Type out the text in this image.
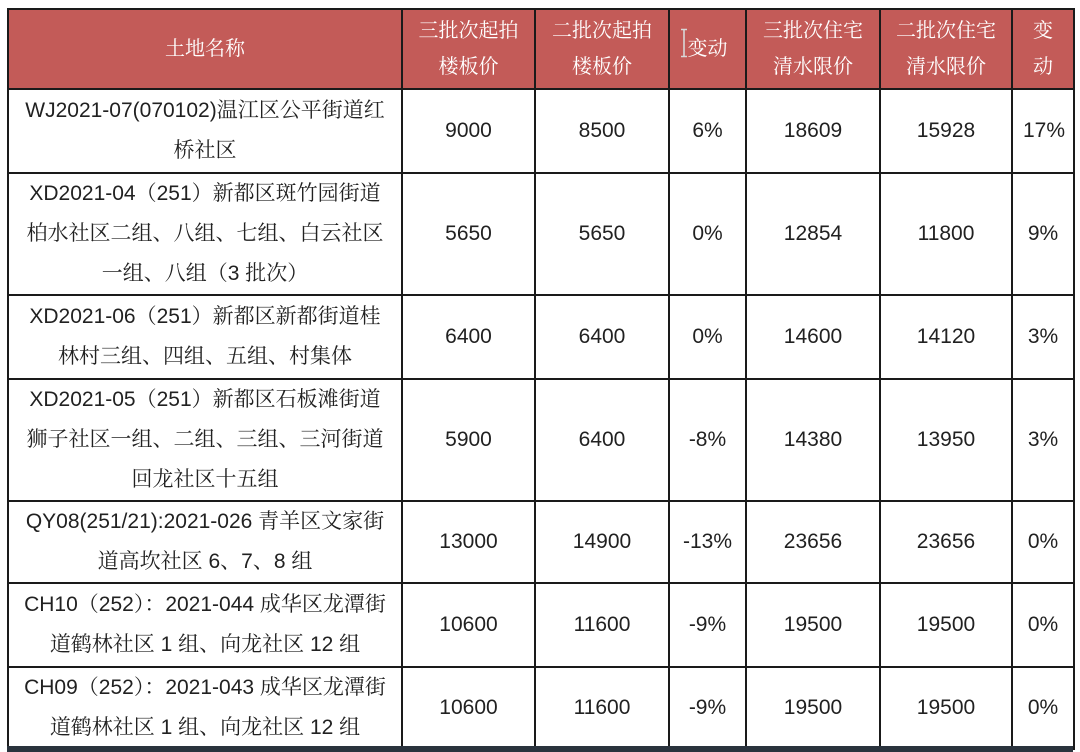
土地名称	三批次起拍楼板价	二批次起拍楼板价	变动	三批次住宅清水限价	二批次住宅清水限价	变动
WJ2021-07(070102)温江区公平街道红桥社区	9000	8500	6%	18609	15928	17%
XD2021-04（251）新都区斑竹园街道柏水社区二组、八组、七组、白云社区一组、八组（3 批次）	5650	5650	0%	12854	11800	9%
XD2021-06（251）新都区新都街道桂林村三组、四组、五组、村集体	6400	6400	0%	14600	14120	3%
XD2021-05（251）新都区石板滩街道狮子社区一组、二组、三组、三河街道回龙社区十五组	5900	6400	-8%	14380	13950	3%
QY08(251/21):2021-026 青羊区文家街道高坎社区 6、7、8 组	13000	14900	-13%	23656	23656	0%
CH10（252）：2021-044 成华区龙潭街道鹤林社区 1 组、向龙社区 12 组	10600	11600	-9%	19500	19500	0%
CH09（252）：2021-043 成华区龙潭街道鹤林社区 1 组、向龙社区 12 组	10600	11600	-9%	19500	19500	0%
